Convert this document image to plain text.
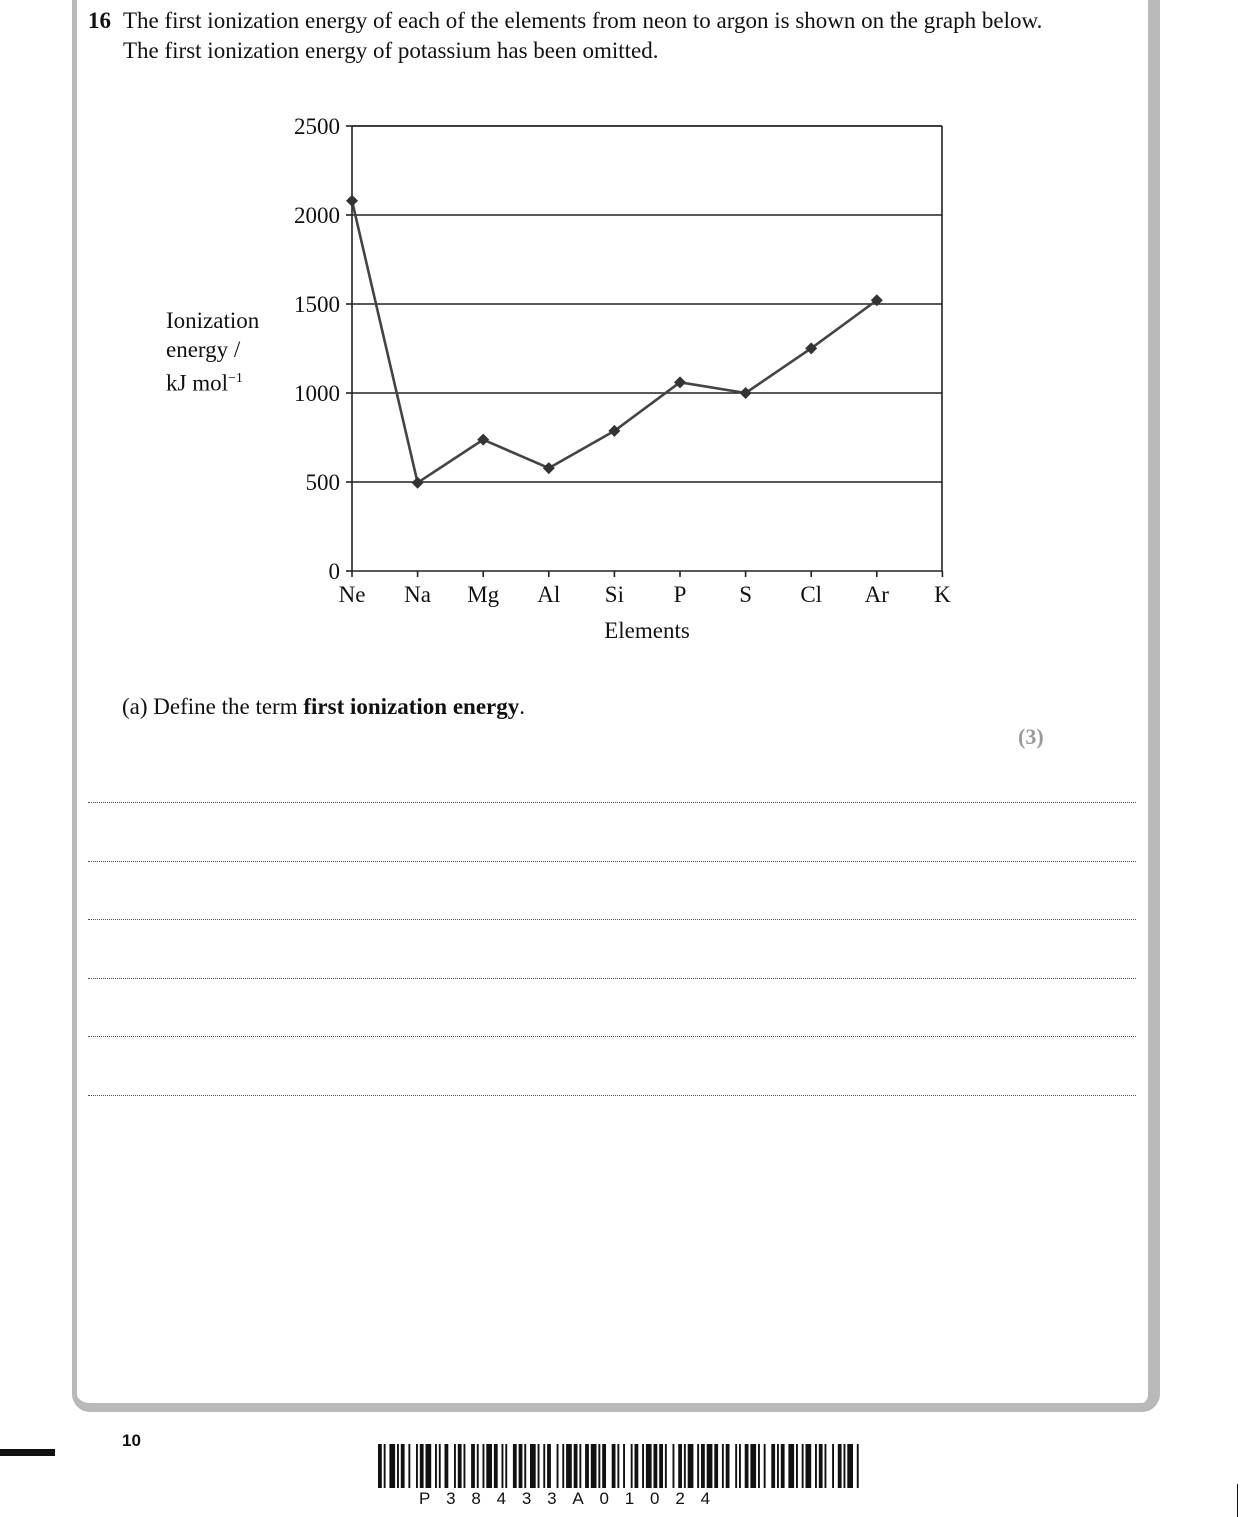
16 The first ionization energy of each of the elements from neon to argon is shown on the graph below. The first ionization energy of potassium has been omitted.
Ionization
energy /
kJ mol$^{-1}$
0
500
1000
1500
2000
2500
Ne Na Mg Al Si P S Cl Ar K
Elements
(a) Define the term first ionization energy.
(3)
10
P38433A01024
